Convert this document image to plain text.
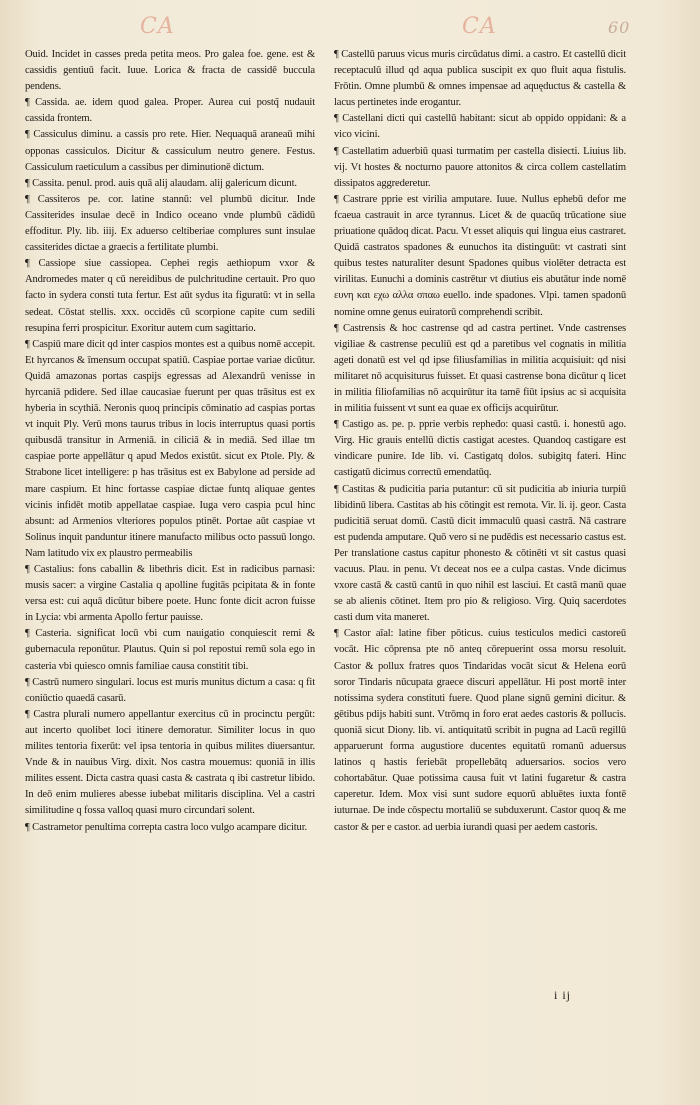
CA	CA	60

Ouid. Incidet in casses preda petita meos. Pro galea foe. gene. est & cassidis gentiuū facit. Iuue. Lorica & fracta de cassidē buccula pendens.

¶ Cassida. ae. idem quod galea. Proper. Aurea cui postq̃ nudauit cassida frontem.

¶ Cassiculus diminu. a cassis pro rete. Hier. Nequaquā araneaū mihi opponas cassiculos. Dicitur & cassiculum neutro genere. Festus. Cassiculum raeticulum a cassibus per diminutionē dictum.

¶ Cassita. penul. prod. auis quā alij alaudam. alij galericum dicunt.

¶ Cassiteros pe. cor. latine stannū: vel plumbū dicitur. Inde Cassiterides insulae decē in Indico oceano vnde plumbū cādidū effoditur. Ply. lib. iiij. Ex aduerso celtiberiae complures sunt insulae cassiterides dictae a graecis a fertilitate plumbi.

¶ Cassiope siue cassiopea. Cephei regis aethiopum vxor & Andromedes mater q cū nereidibus de pulchritudine certauit. Pro quo facto in sydera consti tuta fertur. Est aūt sydus ita figuratū: vt in sella sedeat. Cōstat stellis. xxx. occidēs cū scorpione capite cum sedili resupina ferri prospicitur. Exoritur autem cum sagittario.

¶ Caspiū mare dicit qd inter caspios montes est a quibus nomē accepit. Et hyrcanos & īmensum occupat spatiū. Caspiae portae variae dicūtur. Quidā amazonas portas caspijs egressas ad Alexandrū venisse in hyrcaniā pdidere. Sed illae caucasiae fuerunt per quas trāsitus est ex hyberia in scythiā. Neronis quoq principis cōminatio ad caspias portas vt inquit Ply. Verū mons taurus tribus in locis interruptus quasi portis quibusdā transitur in Armeniā. in ciliciā & in mediā. Sed illae tm caspiae porte appellātur q apud Medos existūt. sicut ex Ptole. Ply. & Strabone licet intelligere: p has trāsitus est ex Babylone ad perside ad mare caspium. Et hinc fortasse caspiae dictae funtq aliquae gentes vicinis infidēt motib appellatae caspiae. Iuga vero caspia pcul hinc absunt: ad Armenios vlteriores populos ptinēt. Portae aūt caspiae vt Solinus inquit panduntur itinere manufacto milibus octo passuū longo. Nam latitudo vix ex plaustro permeabilis

¶ Castalius: fons caballin & libethris dicit. Est in radicibus parnasi: musis sacer: a virgine Castalia q apolline fugitās pcipitata & in fonte versa est: cui aquā dicūtur bibere poete. Hunc fonte dicit acron fuisse in Lycia: vbi armenta Apollo fertur pauisse.

¶ Casteria. significat locū vbi cum nauigatio conquiescit remi & gubernacula reponūtur. Plautus. Quin si pol repostui remū sola ego in casteria vbi quiesco omnis familiae causa constitit tibi.

¶ Castrū numero singulari. locus est muris munitus dictum a casa: q fit coniūctio quaedā casarū.

¶ Castra plurali numero appellantur exercitus cū in procinctu pergūt: aut incerto quolibet loci itinere demoratur. Similiter locus in quo milites tentoria fixerūt: vel ipsa tentoria in quibus milites diuersantur. Vnde & in nauibus Virg. dixit. Nos castra mouemus: quoniā in illis milites essent. Dicta castra quasi casta & castrata q ibi castretur libido. In deō enim mulieres abesse iubebat militaris disciplina. Vel a castri similitudine q fossa valloq quasi muro circundari solent.

¶ Castrametor penultima correpta castra loco vulgo acampare dicitur.

¶ Castellū paruus vicus muris circūdatus dimi. a castro. Et castellū dicit receptaculū illud qd aqua publica suscipit ex quo fluit aqua fistulis. Frōtin. Omne plumbū & omnes impensae ad aquęductus & castella & lacus pertinetes inde erogantur.

¶ Castellani dicti qui castellū habitant: sicut ab oppido oppidani: & a vico vicini.

¶ Castellatim aduerbiū quasi turmatim per castella disiecti. Liuius lib. vij. Vt hostes & nocturno pauore attonitos & circa collem castellatim dissipatos aggrederetur.

¶ Castrare pprie est virilia amputare. Iuue. Nullus ephebū defor me fcaeua castrauit in arce tyrannus. Licet & de quacūq trūcatione siue priuatione quādoq dicat. Pacu. Vt esset aliquis qui lingua eius castraret. Quidā castratos spadones & eunuchos ita distinguūt: vt castrati sint quibus testes naturaliter desunt Spadones quibus violēter detracta est virilitas. Eunuchi a dominis castrētur vt diutius eis abutātur inde nomē ευνη και εχω αλλα σπαω euello. inde spadones. Vlpi. tamen spadonū nomine omne genus euiratorū comprehendi scribit.

¶ Castrensis & hoc castrense qd ad castra pertinet. Vnde castrenses vigiliae & castrense peculiū est qd a paretibus vel cognatis in militia ageti donatū est vel qd ipse filiusfamilias in militia acquisiuit: qd nisi militaret nō acquisiturus fuisset. Et quasi castrense bona dicūtur q licet in militia filiofamilias nō acquirūtur ita tamē fiūt ipsius ac si acquisita in militia fuissent vt sunt ea quae ex officijs acquirūtur.

¶ Castigo as. pe. p. pprie verbis repheđo: quasi castū. i. honestū ago. Virg. Hic grauis entellū dictis castigat acestes. Quandoq castigare est vindicare punire. Ide lib. vi. Castigatq dolos. subigitq fateri. Hinc castigatū dicimus correctū emendatūq.

¶ Castitas & pudicitia paria putantur: cū sit pudicitia ab iniuria turpiū libidinū libera. Castitas ab his cōtingit est remota. Vir. li. ij. geor. Casta pudicitiā seruat domū. Castū dicit immaculū quasi castrā. Nā castrare est pudenda amputare. Quō vero si ne pudēdis est necessario castus est. Per translatione castus capitur phonesto & cōtinēti vt sit castus quasi vacuus. Plau. in penu. Vt deceat nos ee a culpa castas. Vnde dicimus vxore castā & castū cantū in quo nihil est lasciui. Et castā manū quae se ab alienis cōtinet. Item pro pio & religioso. Virg. Quiq sacerdotes casti dum vita maneret.

¶ Castor aīal: latine fiber pōticus. cuius testiculos medici castoreū vocāt. Hic cōprensa pte nō anteq cōrepuerint ossa morsu resoluit. Castor & pollux fratres quos Tindaridas vocāt sicut & Helena eorū soror Tindaris nūcupata graece discuri appellātur. Hi post mortē inter notissima sydera constituti fuere. Quod plane signū gemini dicitur. & gētibus pdijs habiti sunt. Vtrōmq in foro erat aedes castoris & pollucis. quoniā sicut Diony. lib. vi. antiquitatū scribit in pugna ad Lacū regillū apparuerunt forma augustiore ducentes equitatū romanū aduersus latinos q hastis feriebāt propellebātq aduersarios. socios vero cohortabātur. Quae potissima causa fuit vt latini fugaretur & castra caperetur. Idem. Mox visi sunt sudore equorū abluētes iuxta fontē iuturnae. De inde cōspectu mortaliū se subduxerunt. Castor quoq & me castor & per e castor. ad uerbia iurandi quasi per aedem castoris.

i ij
